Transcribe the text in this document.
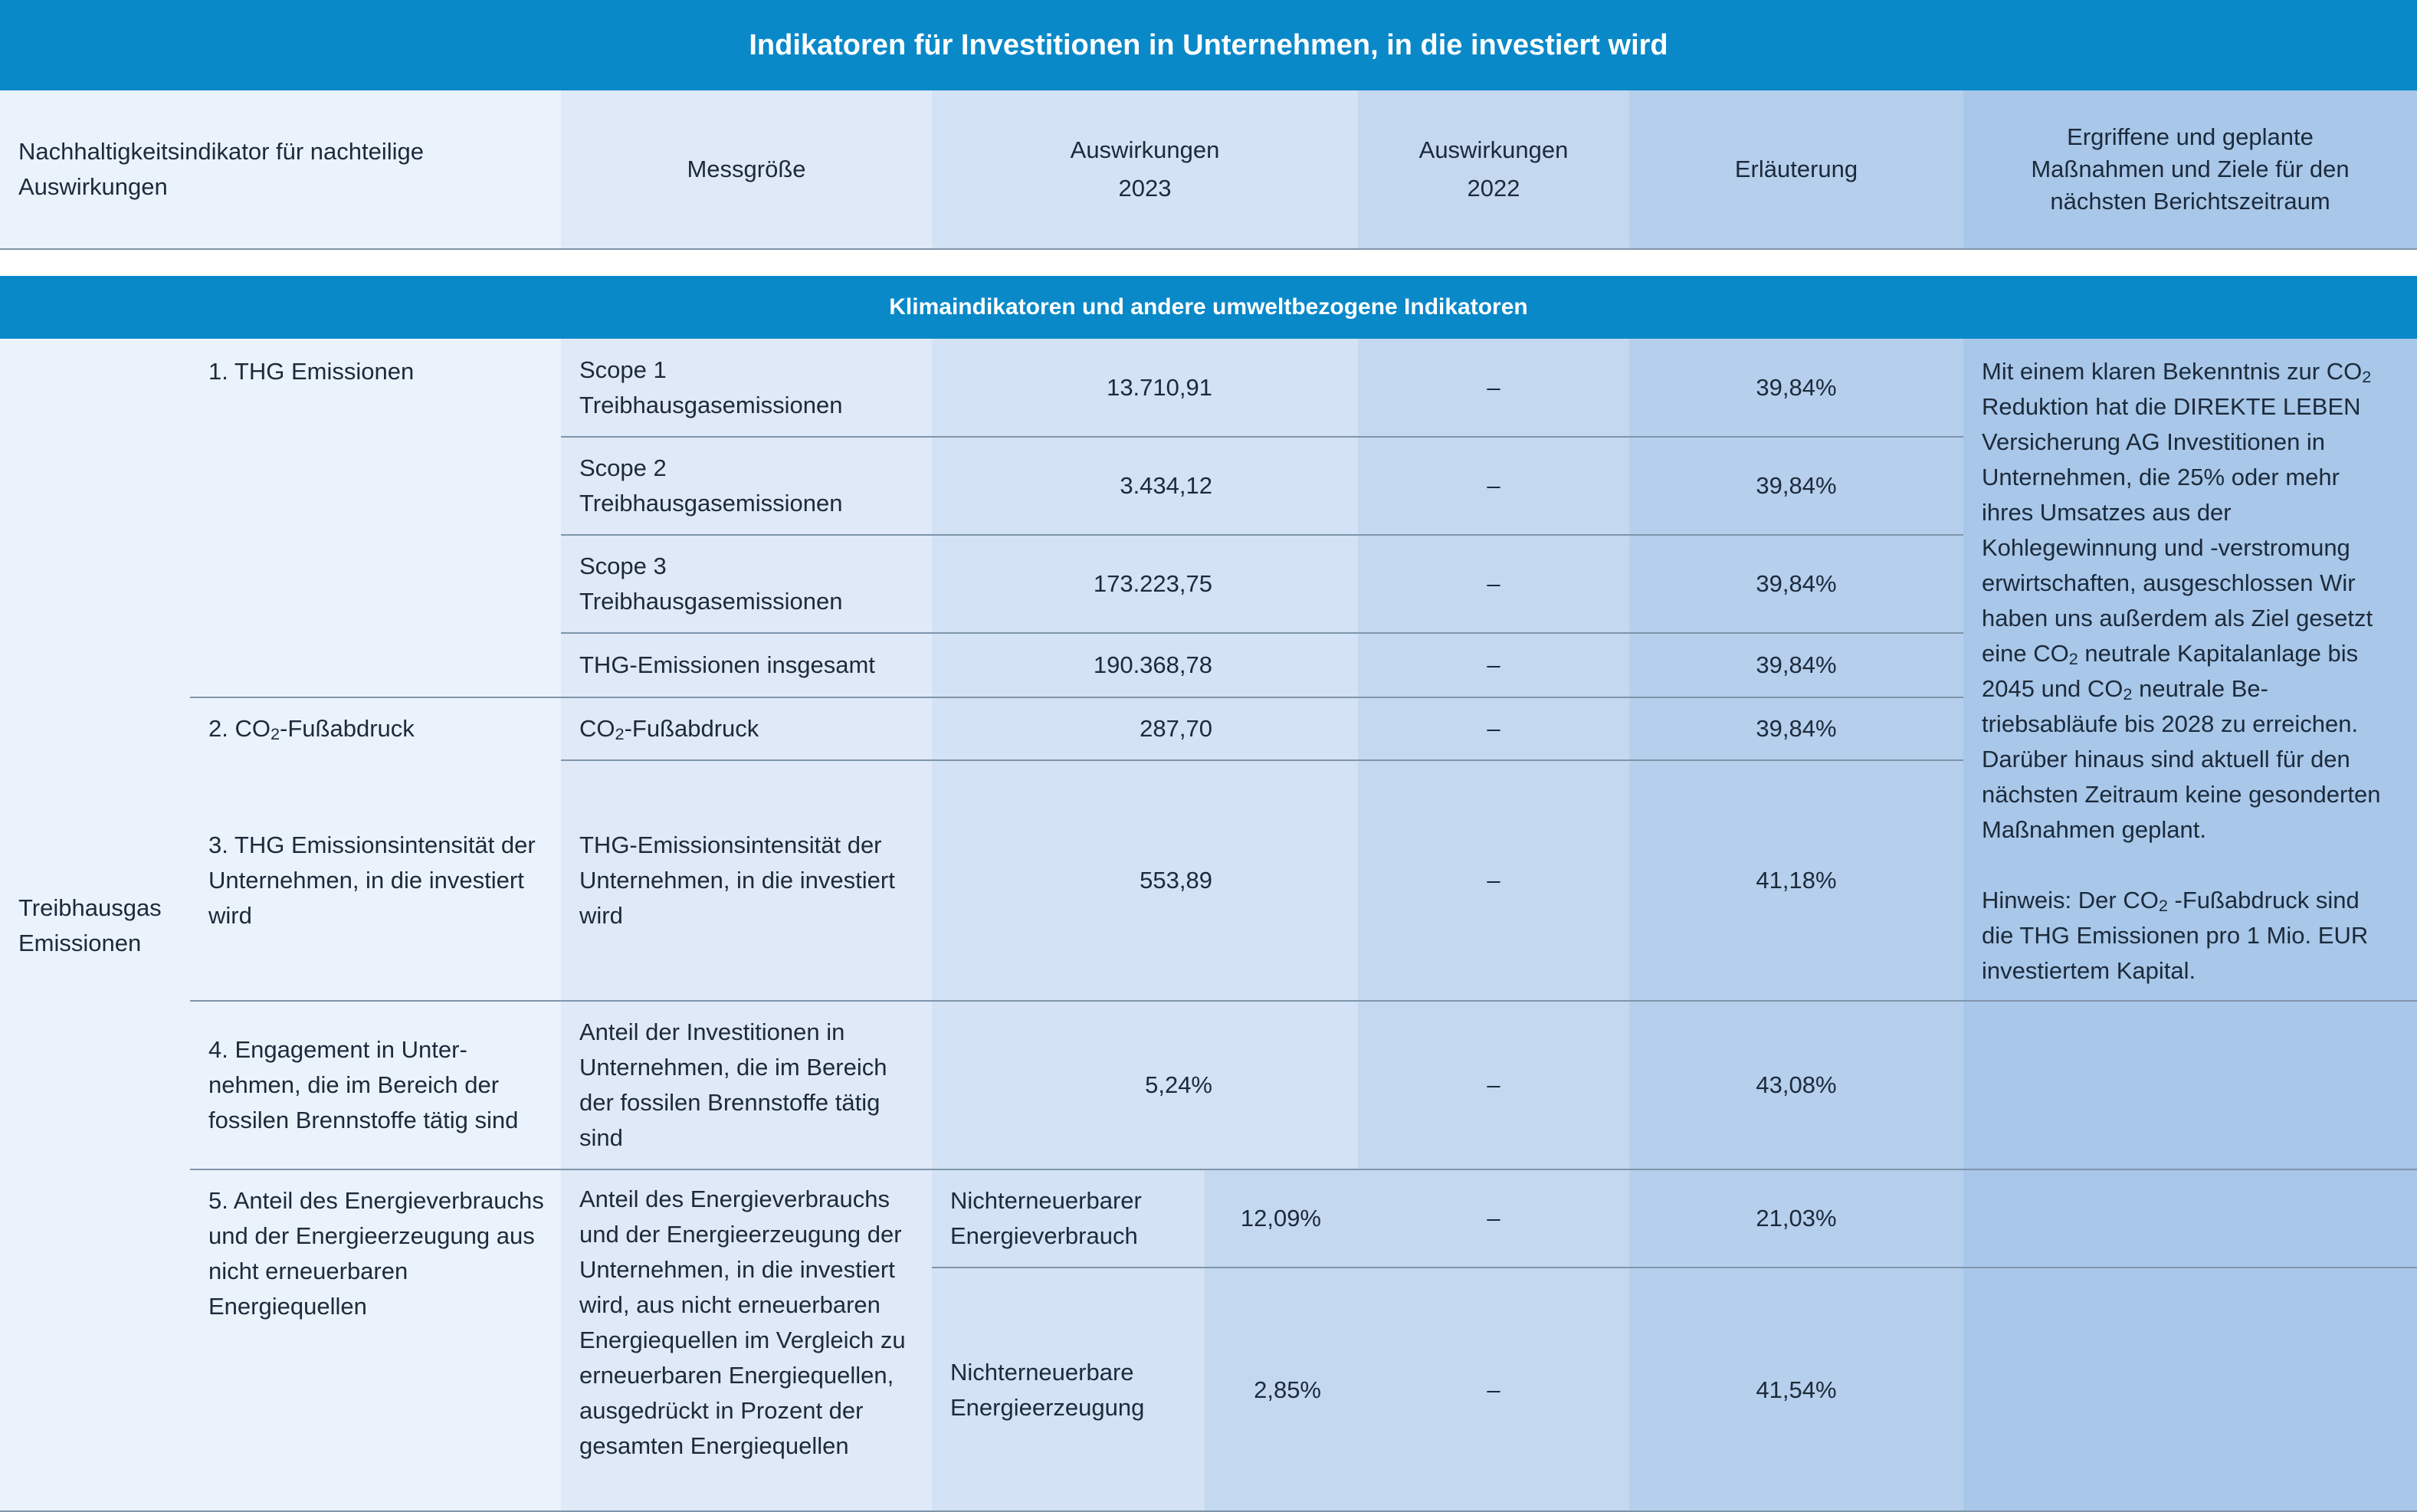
Indikatoren für Investitionen in Unternehmen, in die investiert wird
Nachhaltigkeitsindikator für nachteilige Auswirkungen
Messgröße
Auswirkungen
2023
Auswirkungen
2022
Erläuterung
Ergriffene und geplante Maßnahmen und Ziele für den nächsten Berichtszeitraum
Klimaindikatoren und andere umweltbezogene Indikatoren
Treibhausgas Emissionen
1. THG Emissionen
2. $CO_2$-Fußabdruck
3. THG Emissionsintensität der Unternehmen, in die investiert wird
4. Engagement in Unternehmen, die im Bereich der fossilen Brennstoffe tätig sind
5. Anteil des Energieverbrauchs und der Energieerzeugung aus nicht erneuerbaren Energiequellen
Scope 1 Treibhausgasemissionen
Scope 2 Treibhausgasemissionen
Scope 3 Treibhausgasemissionen
THG-Emissionen insgesamt
$CO_2$-Fußabdruck
THG-Emissionsintensität der Unternehmen, in die investiert wird
Anteil der Investitionen in Unternehmen, die im Bereich der fossilen Brennstoffe tätig sind
Anteil des Energieverbrauchs und der Energieerzeugung der Unternehmen, in die investiert wird, aus nicht erneuerbaren Energiequellen im Vergleich zu erneuerbaren Energiequellen, ausgedrückt in Prozent der gesamten Energiequellen
13.710,91
3.434,12
173.223,75
190.368,78
287,70
553,89
5,24%
Nichterneuerbarer Energieverbrauch
12,09%
Nichterneuerbare Energieerzeugung
2,85%
–
–
–
–
–
–
–
–
–
39,84%
39,84%
39,84%
39,84%
39,84%
41,18%
43,08%
21,03%
41,54%

Mit einem klaren Bekenntnis zur $CO_2$ Reduktion hat die DIREKTE LEBEN Versicherung AG Investitionen in Unternehmen, die 25% oder mehr ihres Umsatzes aus der Kohlegewinnung und -verstromung erwirtschaften, ausgeschlossen Wir haben uns außerdem als Ziel gesetzt eine $CO_2$ neutrale Kapitalanlage bis 2045 und $CO_2$ neutrale Betriebsabläufe bis 2028 zu erreichen. Darüber hinaus sind aktuell für den nächsten Zeitraum keine gesonderten Maßnahmen geplant.

Hinweis: Der $CO_2$ -Fußabdruck sind die THG Emissionen pro 1 Mio. EUR investiertem Kapital.
